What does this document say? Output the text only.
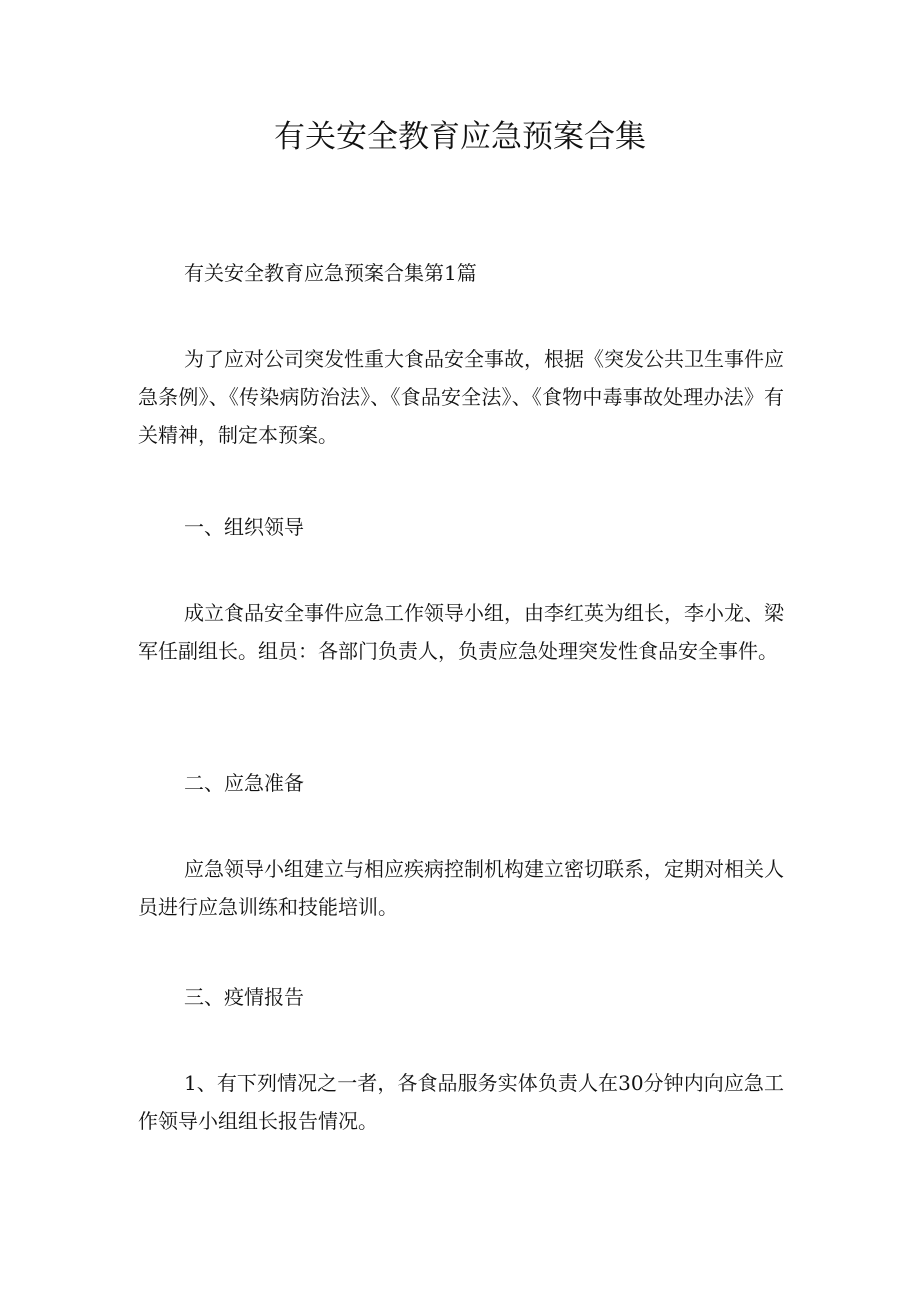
有关安全教育应急预案合集

有关安全教育应急预案合集第1篇

为了应对公司突发性重大食品安全事故，根据《突发公共卫生事件应急条例》、《传染病防治法》、《食品安全法》、《食物中毒事故处理办法》有关精神，制定本预案。

一、组织领导

成立食品安全事件应急工作领导小组，由李红英为组长，李小龙、梁军任副组长。组员：各部门负责人，负责应急处理突发性食品安全事件。

二、应急准备

应急领导小组建立与相应疾病控制机构建立密切联系，定期对相关人员进行应急训练和技能培训。

三、疫情报告

1、有下列情况之一者，各食品服务实体负责人在30分钟内向应急工作领导小组组长报告情况。
